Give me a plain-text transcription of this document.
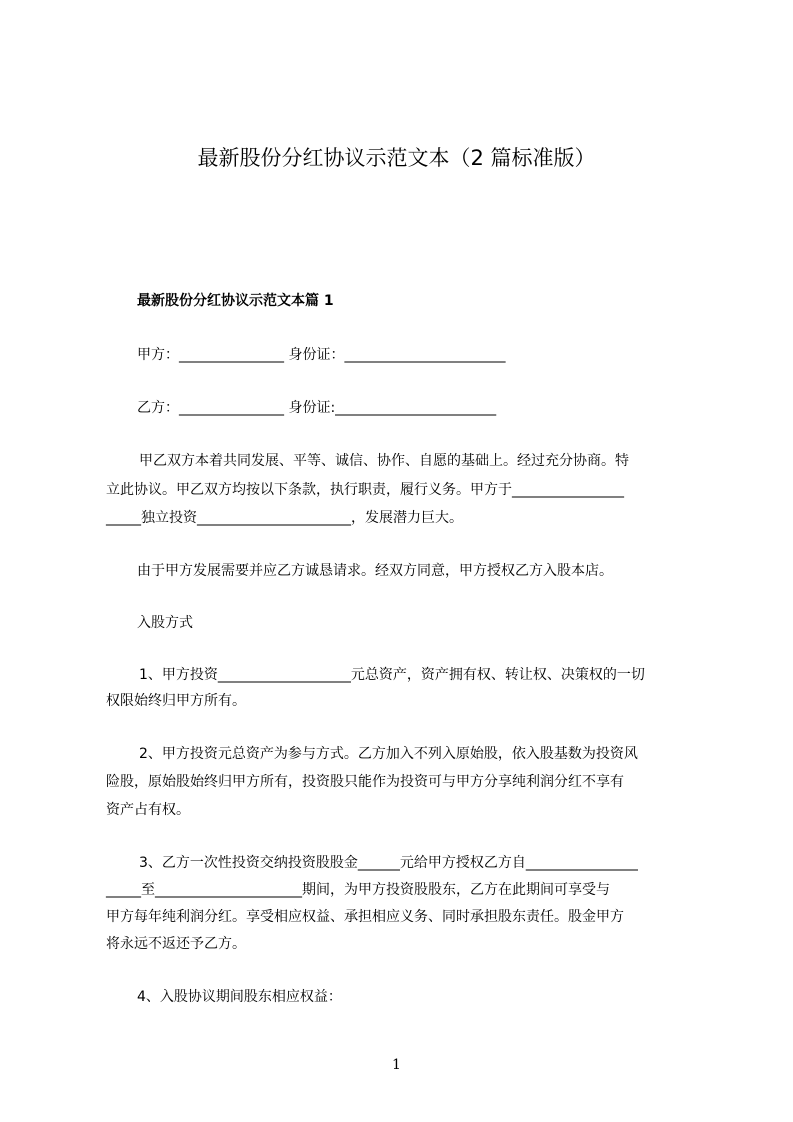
最新股份分红协议示范文本（2 篇标准版）
最新股份分红协议示范文本篇 1
甲方：_______________ 身份证：_______________________
乙方：_______________ 身份证:_______________________
甲乙双方本着共同发展、平等、诚信、协作、自愿的基础上。经过充分协商。特
立此协议。甲乙双方均按以下条款，执行职责，履行义务。甲方于________________
_____独立投资______________________，发展潜力巨大。
由于甲方发展需要并应乙方诚恳请求。经双方同意，甲方授权乙方入股本店。
入股方式
1、甲方投资___________________元总资产，资产拥有权、转让权、决策权的一切
权限始终归甲方所有。
2、甲方投资元总资产为参与方式。乙方加入不列入原始股，依入股基数为投资风
险股，原始股始终归甲方所有，投资股只能作为投资可与甲方分享纯利润分红不享有
资产占有权。
3、乙方一次性投资交纳投资股股金______元给甲方授权乙方自________________
_____至_____________________期间，为甲方投资股股东，乙方在此期间可享受与
甲方每年纯利润分红。享受相应权益、承担相应义务、同时承担股东责任。股金甲方
将永远不返还予乙方。
4、入股协议期间股东相应权益：
1
